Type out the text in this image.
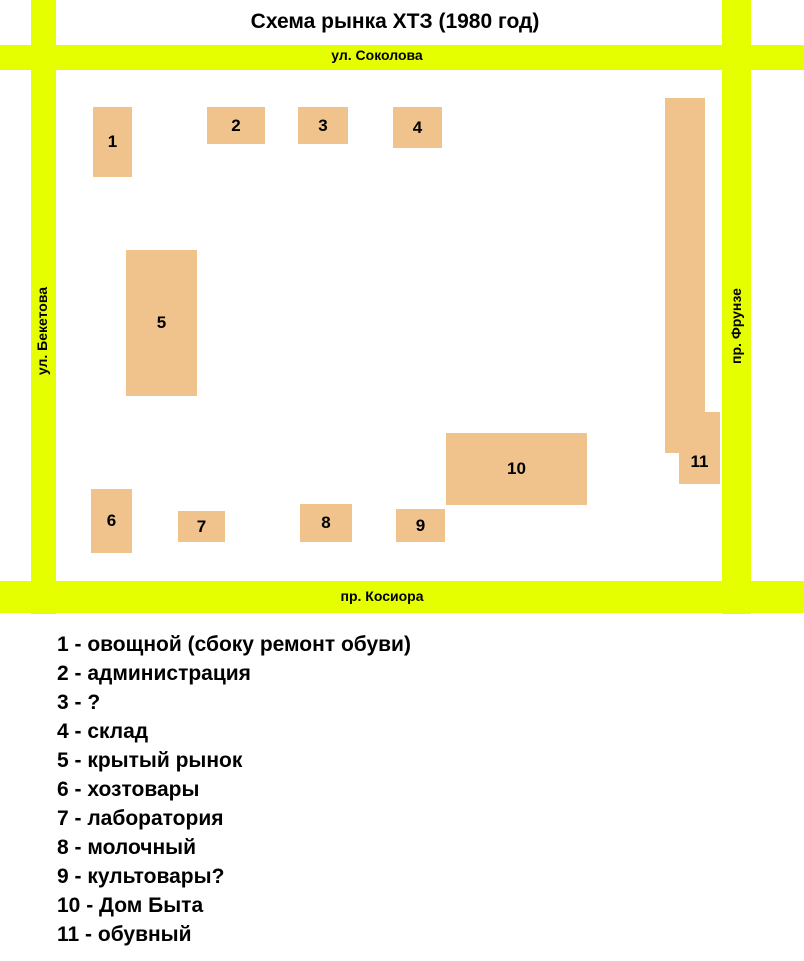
Схема рынка ХТЗ (1980 год)
ул. Соколова
пр. Косиора
ул. Бекетова	пр. Фрунзе
1
2	3	4
5
6	7	8	9
10	11
1 - овощной (сбоку ремонт обуви)
2 - администрация
3 - ?
4 - склад
5 - крытый рынок
6 - хозтовары
7 - лаборатория
8 - молочный
9 - культовары?
10 - Дом Быта
11 - обувный
